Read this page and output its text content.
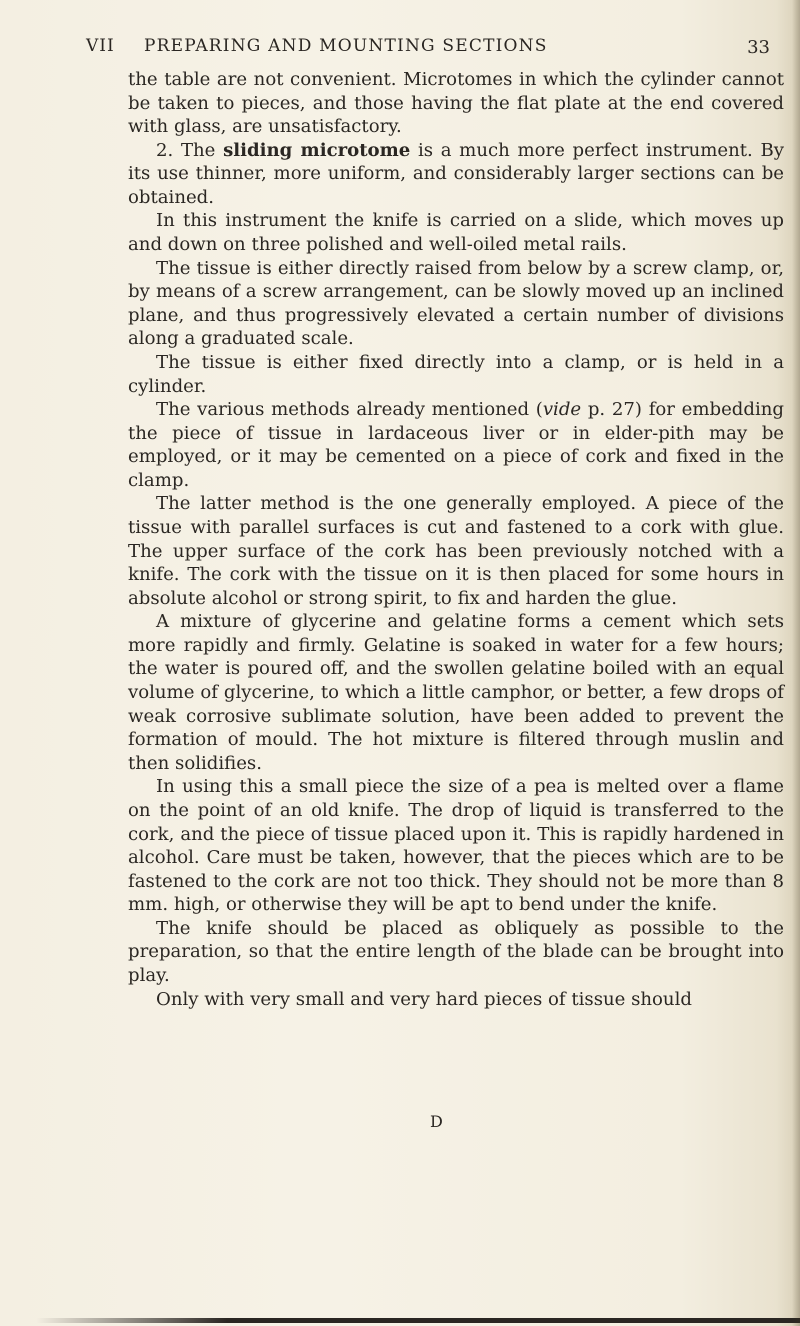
VII PREPARING AND MOUNTING SECTIONS	33

the table are not convenient. Microtomes in which the cylinder cannot be taken to pieces, and those having the flat plate at the end covered with glass, are unsatisfactory.

2. The sliding microtome is a much more perfect instrument. By its use thinner, more uniform, and considerably larger sections can be obtained.

In this instrument the knife is carried on a slide, which moves up and down on three polished and well-oiled metal rails.

The tissue is either directly raised from below by a screw clamp, or, by means of a screw arrangement, can be slowly moved up an inclined plane, and thus progressively elevated a certain number of divisions along a graduated scale.

The tissue is either fixed directly into a clamp, or is held in a cylinder.

The various methods already mentioned (vide p. 27) for embedding the piece of tissue in lardaceous liver or in elder-pith may be employed, or it may be cemented on a piece of cork and fixed in the clamp.

The latter method is the one generally employed. A piece of the tissue with parallel surfaces is cut and fastened to a cork with glue. The upper surface of the cork has been previously notched with a knife. The cork with the tissue on it is then placed for some hours in absolute alcohol or strong spirit, to fix and harden the glue.

A mixture of glycerine and gelatine forms a cement which sets more rapidly and firmly. Gelatine is soaked in water for a few hours; the water is poured off, and the swollen gelatine boiled with an equal volume of glycerine, to which a little camphor, or better, a few drops of weak corrosive sublimate solution, have been added to prevent the formation of mould. The hot mixture is filtered through muslin and then solidifies.

In using this a small piece the size of a pea is melted over a flame on the point of an old knife. The drop of liquid is transferred to the cork, and the piece of tissue placed upon it. This is rapidly hardened in alcohol. Care must be taken, however, that the pieces which are to be fastened to the cork are not too thick. They should not be more than 8 mm. high, or otherwise they will be apt to bend under the knife.

The knife should be placed as obliquely as possible to the preparation, so that the entire length of the blade can be brought into play.

Only with very small and very hard pieces of tissue should

D
